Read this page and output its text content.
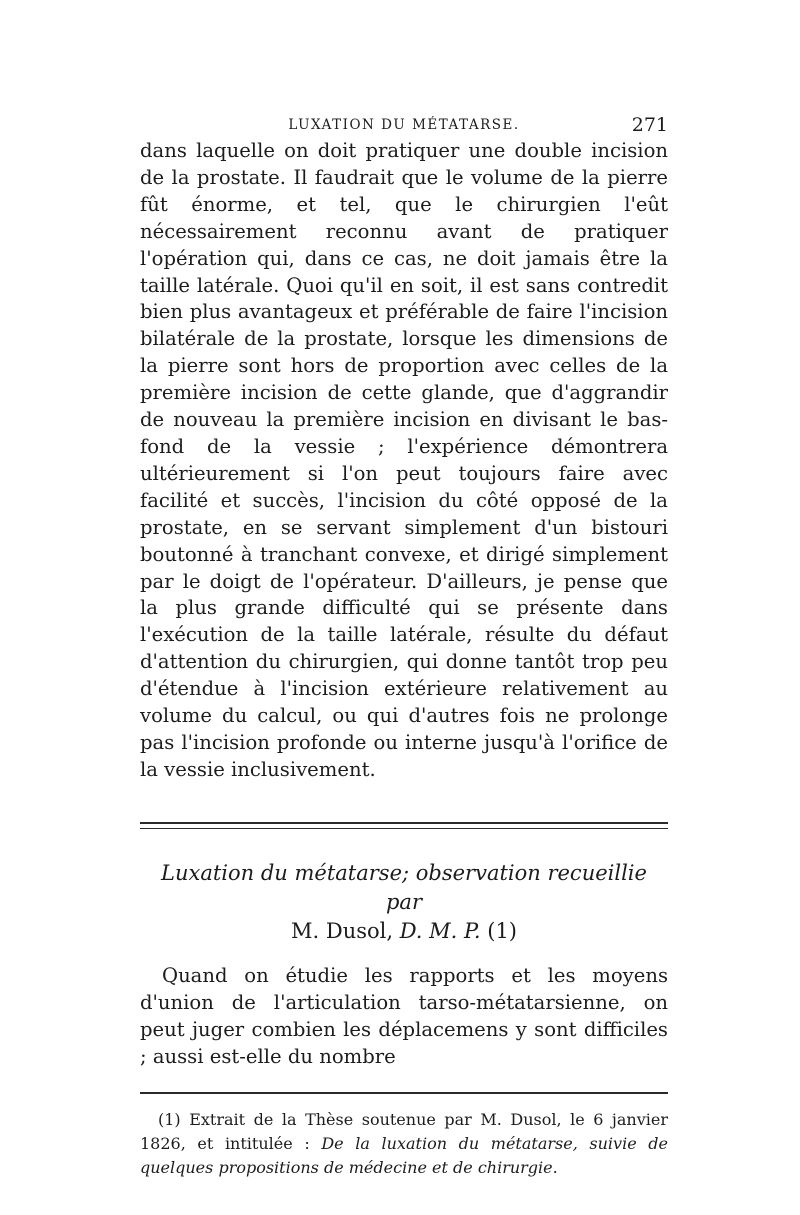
LUXATION DU MÉTATARSE.	271

dans laquelle on doit pratiquer une double incision de la prostate. Il faudrait que le volume de la pierre fût énorme, et tel, que le chirurgien l'eût nécessairement reconnu avant de pratiquer l'opération qui, dans ce cas, ne doit jamais être la taille latérale. Quoi qu'il en soit, il est sans contredit bien plus avantageux et préférable de faire l'incision bilatérale de la prostate, lorsque les dimensions de la pierre sont hors de proportion avec celles de la première incision de cette glande, que d'aggrandir de nouveau la première incision en divisant le bas-fond de la vessie ; l'expérience démontrera ultérieurement si l'on peut toujours faire avec facilité et succès, l'incision du côté opposé de la prostate, en se servant simplement d'un bistouri boutonné à tranchant convexe, et dirigé simplement par le doigt de l'opérateur. D'ailleurs, je pense que la plus grande difficulté qui se présente dans l'exécution de la taille latérale, résulte du défaut d'attention du chirurgien, qui donne tantôt trop peu d'étendue à l'incision extérieure relativement au volume du calcul, ou qui d'autres fois ne prolonge pas l'incision profonde ou interne jusqu'à l'orifice de la vessie inclusivement.

Luxation du métatarse; observation recueillie par
M. Dusol, D. M. P. (1)

Quand on étudie les rapports et les moyens d'union de l'articulation tarso-métatarsienne, on peut juger combien les déplacemens y sont difficiles ; aussi est-elle du nombre

(1) Extrait de la Thèse soutenue par M. Dusol, le 6 janvier 1826, et intitulée : De la luxation du métatarse, suivie de quelques propositions de médecine et de chirurgie.
